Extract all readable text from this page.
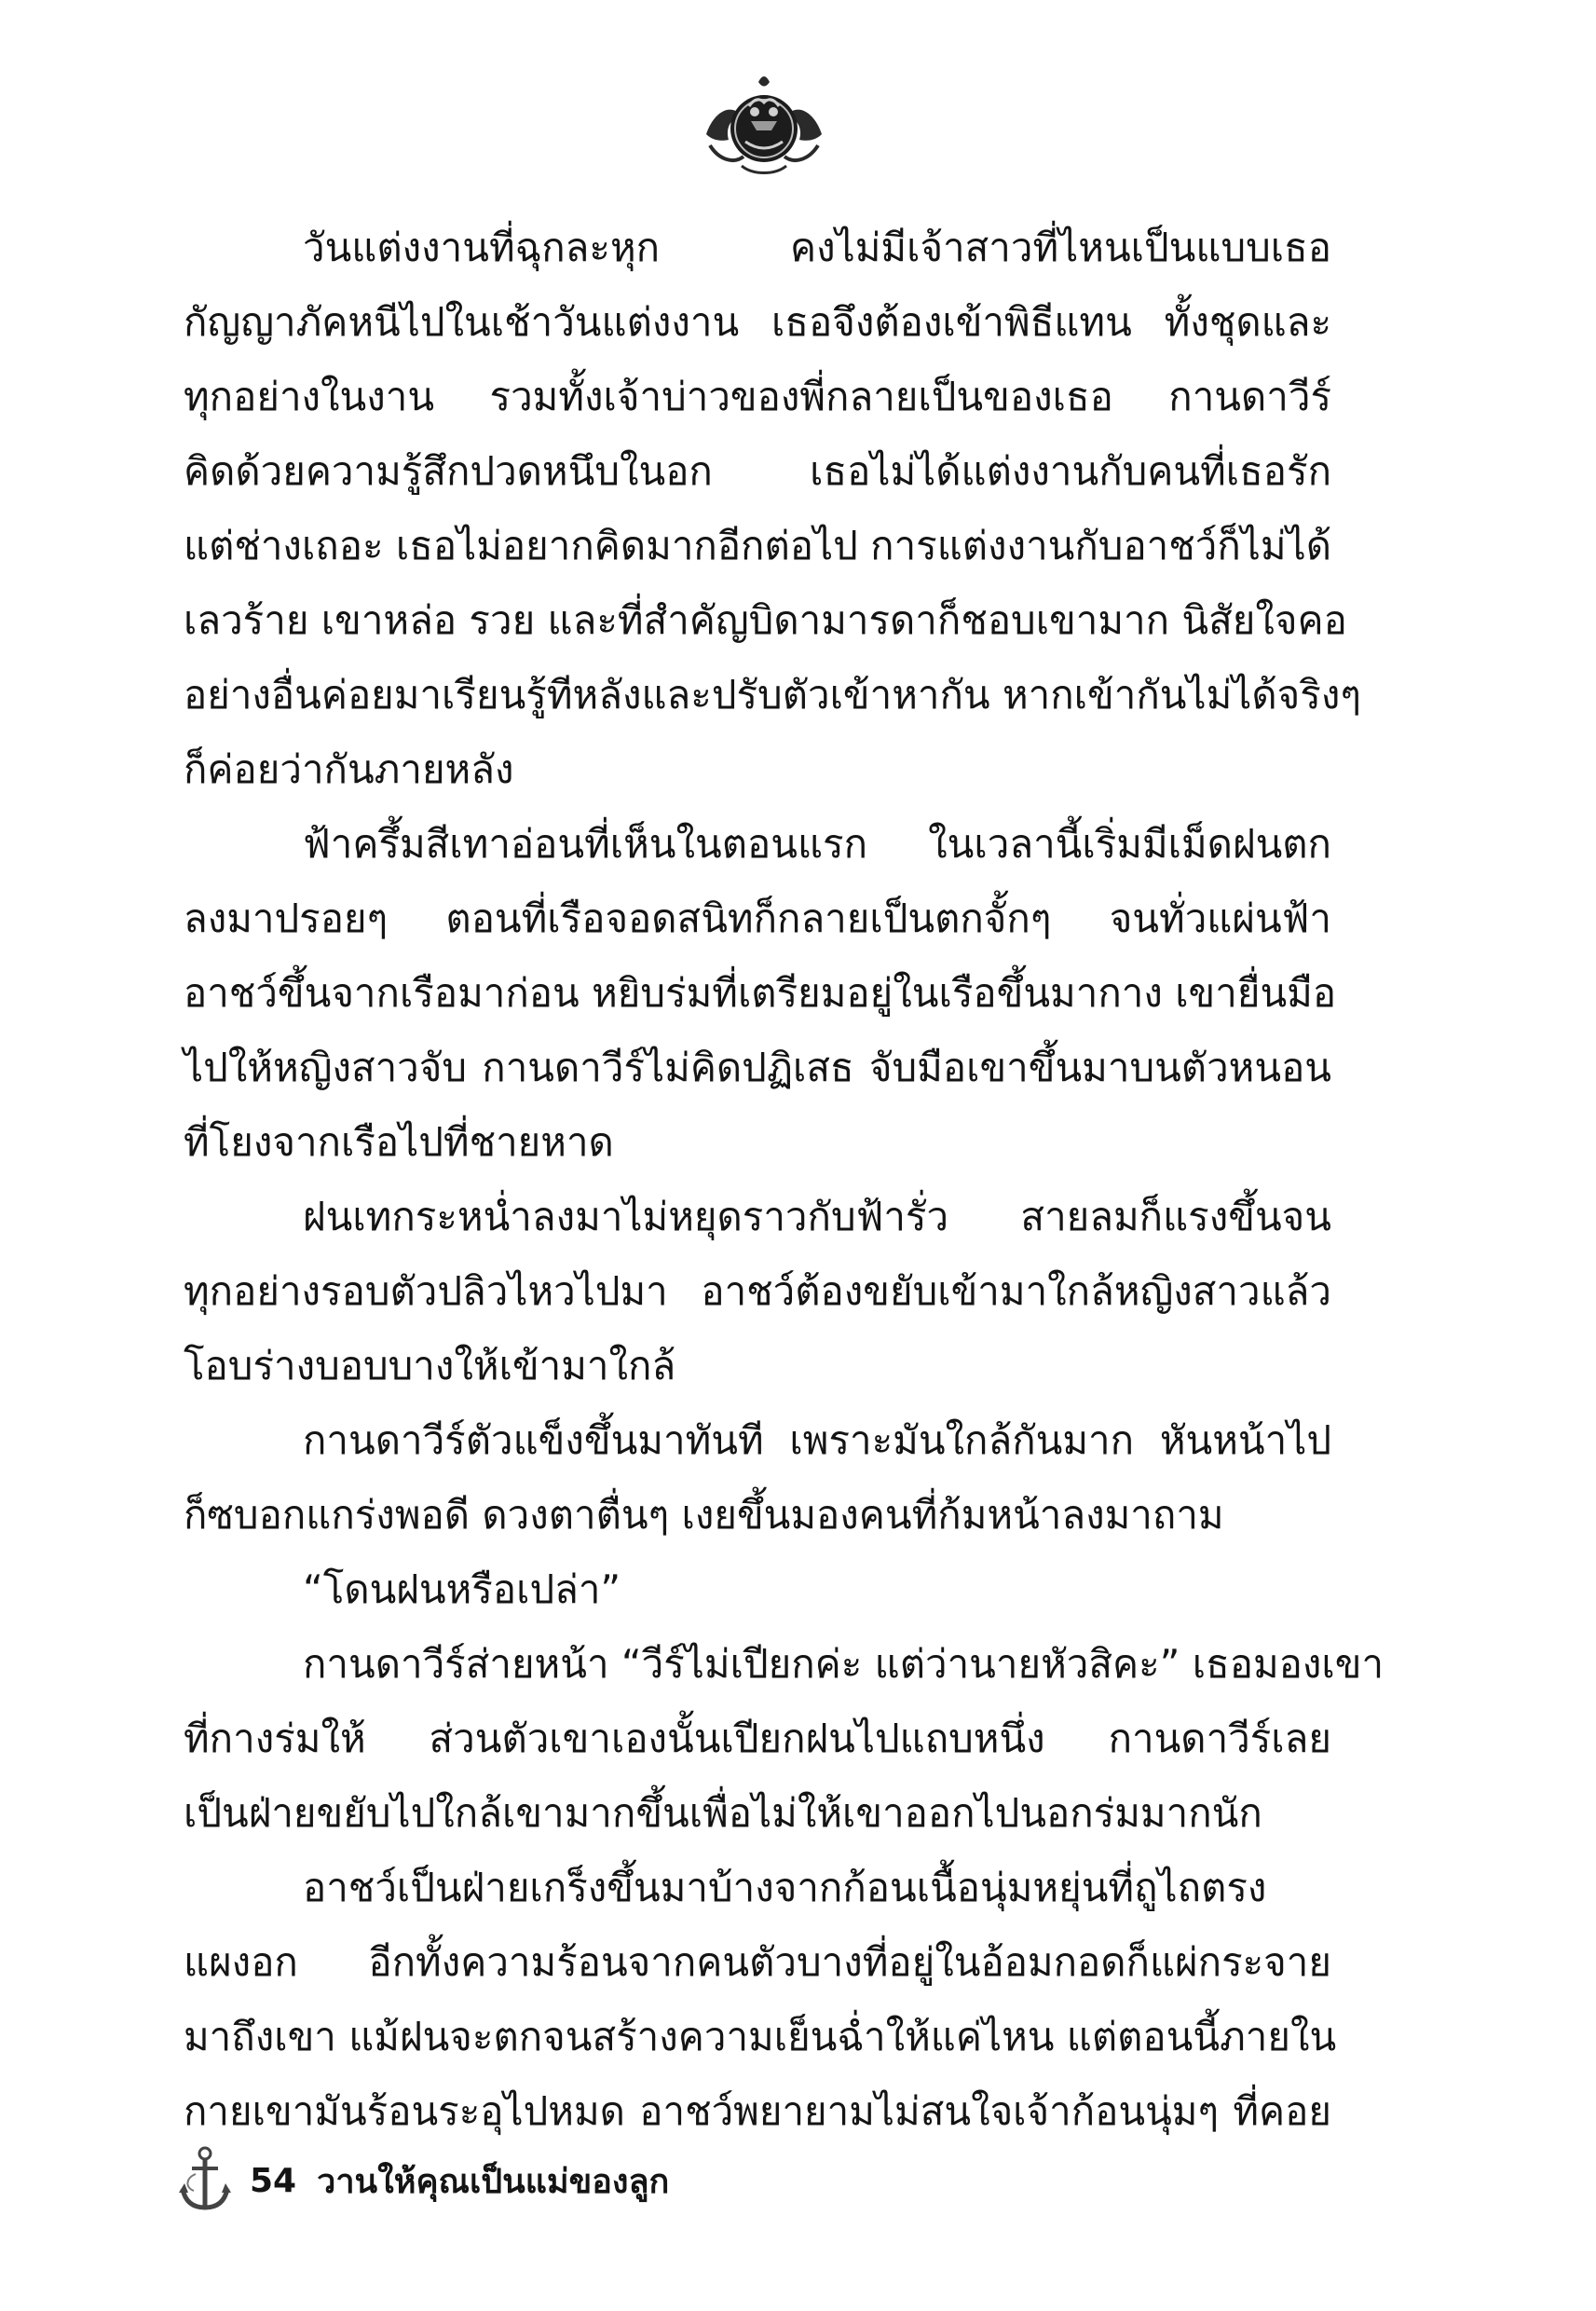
วันแต่งงานที่ฉุกละหุก คงไม่มีเจ้าสาวที่ไหนเป็นแบบเธอ
กัญญาภัคหนีไปในเช้าวันแต่งงาน เธอจึงต้องเข้าพิธีแทน ทั้งชุดและ
ทุกอย่างในงาน รวมทั้งเจ้าบ่าวของพี่กลายเป็นของเธอ กานดาวีร์
คิดด้วยความรู้สึกปวดหนึบในอก เธอไม่ได้แต่งงานกับคนที่เธอรัก
แต่ช่างเถอะ เธอไม่อยากคิดมากอีกต่อไป การแต่งงานกับอาชว์ก็ไม่ได้
เลวร้าย เขาหล่อ รวย และที่สำคัญบิดามารดาก็ชอบเขามาก นิสัยใจคอ
อย่างอื่นค่อยมาเรียนรู้ทีหลังและปรับตัวเข้าหากัน หากเข้ากันไม่ได้จริงๆ
ก็ค่อยว่ากันภายหลัง

ฟ้าครึ้มสีเทาอ่อนที่เห็นในตอนแรก ในเวลานี้เริ่มมีเม็ดฝนตก
ลงมาปรอยๆ ตอนที่เรือจอดสนิทก็กลายเป็นตกจั้กๆ จนทั่วแผ่นฟ้า
อาชว์ขึ้นจากเรือมาก่อน หยิบร่มที่เตรียมอยู่ในเรือขึ้นมากาง เขายื่นมือ
ไปให้หญิงสาวจับ กานดาวีร์ไม่คิดปฏิเสธ จับมือเขาขึ้นมาบนตัวหนอน
ที่โยงจากเรือไปที่ชายหาด

ฝนเทกระหน่ำลงมาไม่หยุดราวกับฟ้ารั่ว สายลมก็แรงขึ้นจน
ทุกอย่างรอบตัวปลิวไหวไปมา อาชว์ต้องขยับเข้ามาใกล้หญิงสาวแล้ว
โอบร่างบอบบางให้เข้ามาใกล้

กานดาวีร์ตัวแข็งขึ้นมาทันที เพราะมันใกล้กันมาก หันหน้าไป
ก็ซบอกแกร่งพอดี ดวงตาตื่นๆ เงยขึ้นมองคนที่ก้มหน้าลงมาถาม

“โดนฝนหรือเปล่า”

กานดาวีร์ส่ายหน้า “วีร์ไม่เปียกค่ะ แต่ว่านายหัวสิคะ” เธอมองเขา
ที่กางร่มให้ ส่วนตัวเขาเองนั้นเปียกฝนไปแถบหนึ่ง กานดาวีร์เลย
เป็นฝ่ายขยับไปใกล้เขามากขึ้นเพื่อไม่ให้เขาออกไปนอกร่มมากนัก

อาชว์เป็นฝ่ายเกร็งขึ้นมาบ้างจากก้อนเนื้อนุ่มหยุ่นที่ถูไถตรง
แผงอก อีกทั้งความร้อนจากคนตัวบางที่อยู่ในอ้อมกอดก็แผ่กระจาย
มาถึงเขา แม้ฝนจะตกจนสร้างความเย็นฉ่ำให้แค่ไหน แต่ตอนนี้ภายใน
กายเขามันร้อนระอุไปหมด อาชว์พยายามไม่สนใจเจ้าก้อนนุ่มๆ ที่คอย

54 วานให้คุณเป็นแม่ของลูก
